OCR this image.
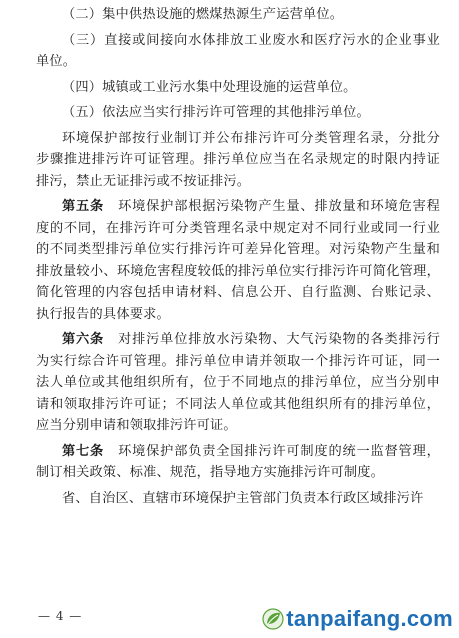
（二）集中供热设施的燃煤热源生产运营单位。
（三）直接或间接向水体排放工业废水和医疗污水的企业事业
单位。
（四）城镇或工业污水集中处理设施的运营单位。
（五）依法应当实行排污许可管理的其他排污单位。
环境保护部按行业制订并公布排污许可分类管理名录，分批分
步骤推进排污许可证管理。排污单位应当在名录规定的时限内持证
排污，禁止无证排污或不按证排污。
第五条　环境保护部根据污染物产生量、排放量和环境危害程
度的不同，在排污许可分类管理名录中规定对不同行业或同一行业
的不同类型排污单位实行排污许可差异化管理。对污染物产生量和
排放量较小、环境危害程度较低的排污单位实行排污许可简化管理，
简化管理的内容包括申请材料、信息公开、自行监测、台账记录、
执行报告的具体要求。
第六条　对排污单位排放水污染物、大气污染物的各类排污行
为实行综合许可管理。排污单位申请并领取一个排污许可证，同一
法人单位或其他组织所有，位于不同地点的排污单位，应当分别申
请和领取排污许可证；不同法人单位或其他组织所有的排污单位，
应当分别申请和领取排污许可证。
第七条　环境保护部负责全国排污许可制度的统一监督管理，
制订相关政策、标准、规范，指导地方实施排污许可制度。
省、自治区、直辖市环境保护主管部门负责本行政区域排污许
— 4 —	tanpaifang.com
